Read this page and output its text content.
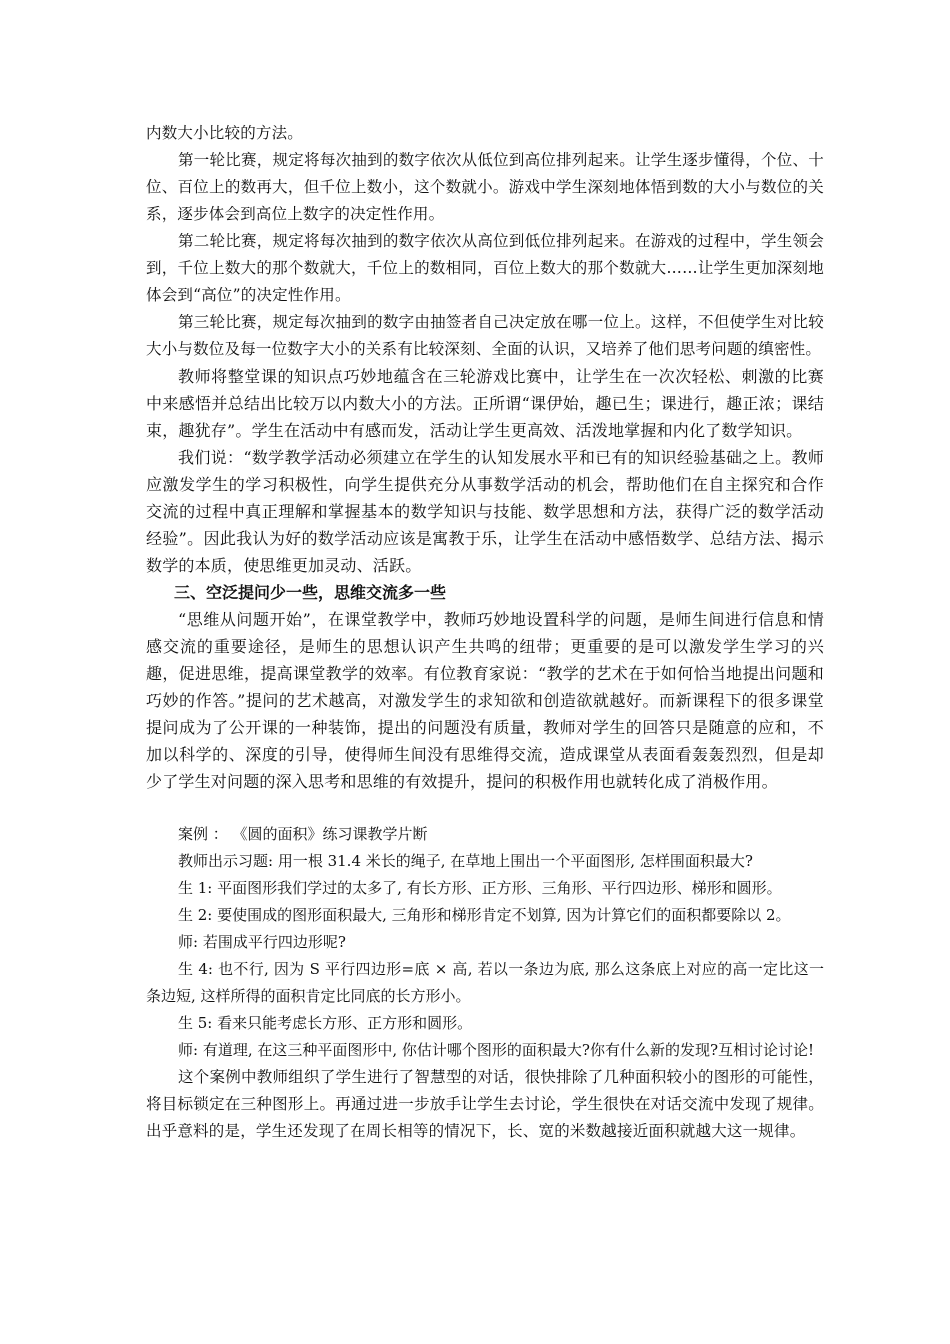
内数大小比较的方法。

第一轮比赛，规定将每次抽到的数字依次从低位到高位排列起来。让学生逐步懂得，个位、十位、百位上的数再大，但千位上数小，这个数就小。游戏中学生深刻地体悟到数的大小与数位的关系，逐步体会到高位上数字的决定性作用。

第二轮比赛，规定将每次抽到的数字依次从高位到低位排列起来。在游戏的过程中，学生领会到，千位上数大的那个数就大，千位上的数相同，百位上数大的那个数就大……让学生更加深刻地体会到“高位”的决定性作用。

第三轮比赛，规定每次抽到的数字由抽签者自己决定放在哪一位上。这样，不但使学生对比较大小与数位及每一位数字大小的关系有比较深刻、全面的认识，又培养了他们思考问题的缜密性。

教师将整堂课的知识点巧妙地蕴含在三轮游戏比赛中，让学生在一次次轻松、刺激的比赛中来感悟并总结出比较万以内数大小的方法。正所谓“课伊始，趣已生；课进行，趣正浓；课结束，趣犹存”。学生在活动中有感而发，活动让学生更高效、活泼地掌握和内化了数学知识。

我们说：“数学教学活动必须建立在学生的认知发展水平和已有的知识经验基础之上。教师应激发学生的学习积极性，向学生提供充分从事数学活动的机会，帮助他们在自主探究和合作交流的过程中真正理解和掌握基本的数学知识与技能、数学思想和方法，获得广泛的数学活动经验”。因此我认为好的数学活动应该是寓教于乐，让学生在活动中感悟数学、总结方法、揭示数学的本质，使思维更加灵动、活跃。

三、空泛提问少一些，思维交流多一些

“思维从问题开始”，在课堂教学中，教师巧妙地设置科学的问题，是师生间进行信息和情感交流的重要途径，是师生的思想认识产生共鸣的纽带；更重要的是可以激发学生学习的兴趣，促进思维，提高课堂教学的效率。有位教育家说：“教学的艺术在于如何恰当地提出问题和巧妙的作答。”提问的艺术越高，对激发学生的求知欲和创造欲就越好。而新课程下的很多课堂提问成为了公开课的一种装饰，提出的问题没有质量，教师对学生的回答只是随意的应和，不加以科学的、深度的引导，使得师生间没有思维得交流，造成课堂从表面看轰轰烈烈，但是却少了学生对问题的深入思考和思维的有效提升，提问的积极作用也就转化成了消极作用。

案例 ： 《圆的面积》练习课教学片断

教师出示习题: 用一根 31.4 米长的绳子, 在草地上围出一个平面图形, 怎样围面积最大?

生 1: 平面图形我们学过的太多了, 有长方形、正方形、三角形、平行四边形、梯形和圆形。

生 2: 要使围成的图形面积最大, 三角形和梯形肯定不划算, 因为计算它们的面积都要除以 2。

师: 若围成平行四边形呢?

生 4: 也不行, 因为 S 平行四边形=底 × 高, 若以一条边为底, 那么这条底上对应的高一定比这一条边短, 这样所得的面积肯定比同底的长方形小。

生 5: 看来只能考虑长方形、正方形和圆形。

师: 有道理, 在这三种平面图形中, 你估计哪个图形的面积最大?你有什么新的发现?互相讨论讨论!

这个案例中教师组织了学生进行了智慧型的对话，很快排除了几种面积较小的图形的可能性，将目标锁定在三种图形上。再通过进一步放手让学生去讨论，学生很快在对话交流中发现了规律。出乎意料的是，学生还发现了在周长相等的情况下，长、宽的米数越接近面积就越大这一规律。
